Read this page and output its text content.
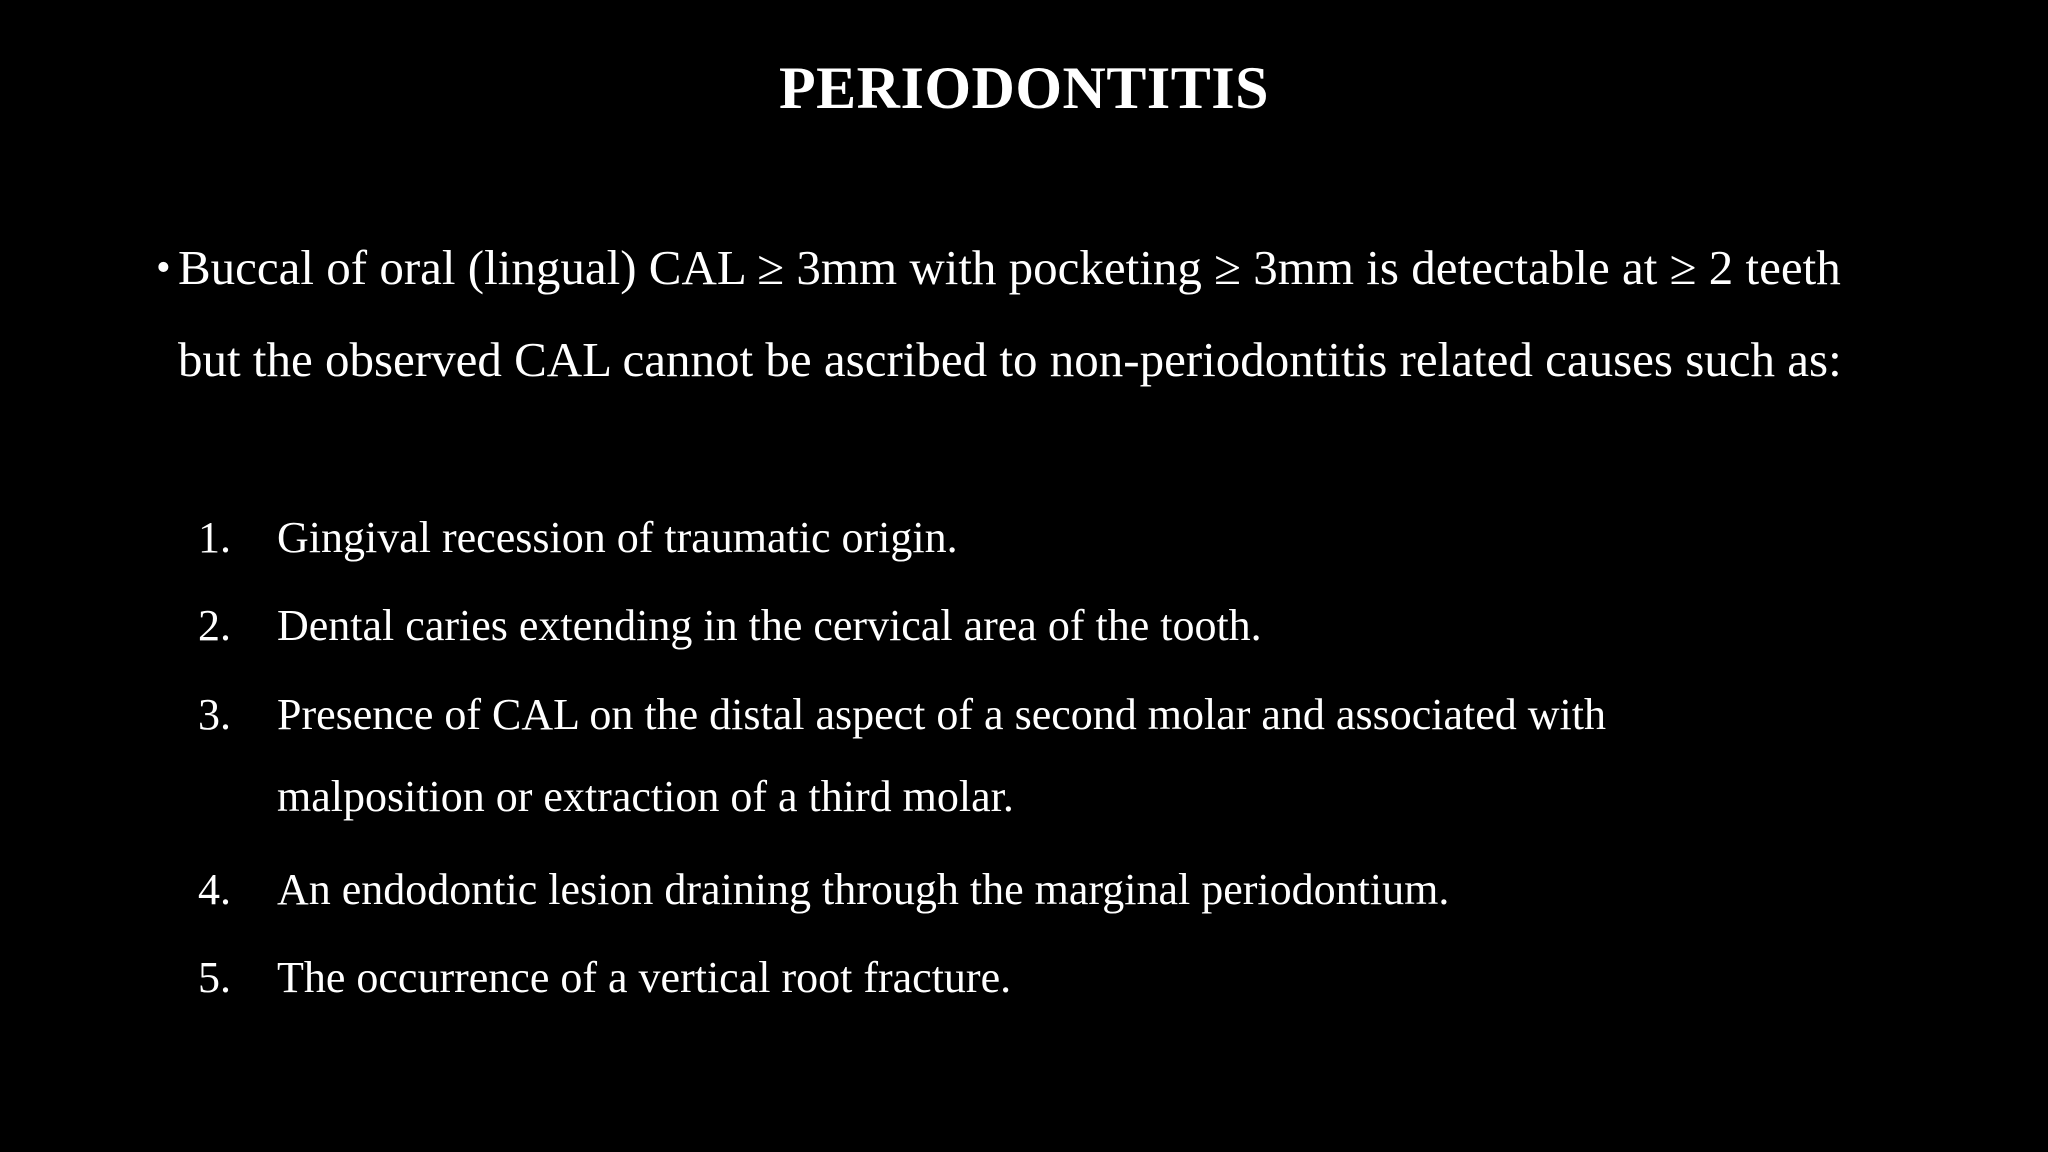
PERIODONTITIS
• Buccal of oral (lingual) CAL ≥ 3mm with pocketing ≥ 3mm is detectable at ≥ 2 teeth but the observed CAL cannot be ascribed to non-periodontitis related causes such as:
1.	Gingival recession of traumatic origin.
2.	Dental caries extending in the cervical area of the tooth.
3.	Presence of CAL on the distal aspect of a second molar and associated with malposition or extraction of a third molar.
4.	An endodontic lesion draining through the marginal periodontium.
5.	The occurrence of a vertical root fracture.
